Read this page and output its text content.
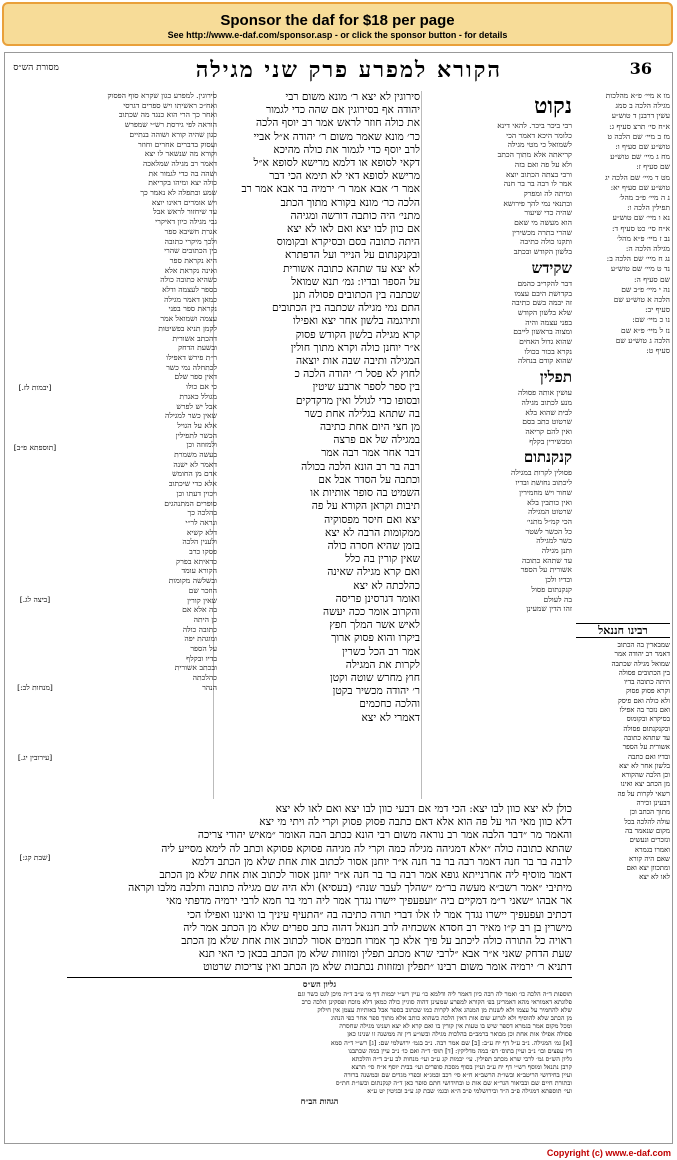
Sponsor the daf for $18 per page
See http://www.e-daf.com/sponsor.asp - or click the sponsor button - for details
36
הקורא למפרע פרק שני מגילה
מסורת הש״ס
מו א מיי׳ פ״א מהלכות
מגילה הלכה ב סמג
עשין דרבנן ד טוש״ע
א״ח סי׳ תרצ סעיף ג:
מז ב מיי׳ שם הלכה ט
טוש״ע שם סעיף ו:
מח ג מיי׳ שם טוש״ע
שם סעיף ז:
מט ד מיי׳ שם הלכה יג
טוש״ע שם סעיף יא:
נ ה מיי׳ פ״ב מהל׳
תפילין הלכה ו:
נא ו מיי׳ שם טוש״ע
א״ח סי׳ כט סעיף ד:
נב ז מיי׳ פ״א מהל׳
מגילה הלכה ה:
נג ח מיי׳ שם הלכה ב:
נד ט מיי׳ שם טוש״ע
שם סעיף ה:
נה י מיי׳ פ״ב שם
הלכה א טוש״ע שם
סעיף יב:
נו כ מיי׳ שם:
נז ל מיי׳ פ״א שם
הלכה ג טוש״ע שם
סעיף ט:
רבינו חננאל
שמבארין בה הכתוב
דאמר רב יהודה אמר
שמואל מגילה שכתבה
בין הכתובים פסולה
היתה כתובה בדיו
וקרא פסוק פסוק
ולא כולה ואם פיסק
ואם נזכר בה אפילו
בסיקרא ובקומוס
ובקנקנתום פסולה
עד שתהא כתובה
אשורית על הספר
ובדיו ואם כתבה
בלשון אחר לא יצא
וכן הלכה שהקורא
מן הכתב יצא ואינו
רשאי לקרות על פה
דבעינן זכירה
מתוך הכתב וכן
עולה להלכה בכל
מקום שנאמר בה
ונזכרים ונעשים
ואמרו בגמרא
שאם היה קורא
ומתכוון יצא ואם
לאו לא יצא
נקוט
רבי ביכר ביכר. להאי דינא
כלומר היכא דאמר הכי
לשמואל כי מטי מגילה
קריאתה אלא מתוך הכתב
ולא על פה ואם בזה
ורבי בצתה הכתוב יוצא
אמר לו רבה בר בר חנה
ומיתה לה ומפרק
ובתנאי נמי להך פירושא
שהיה כדי שיעור
הוא מעשה מי שאם
שהרי בתרה מכשירין
ותקנו כולה כתיבה
בלשון הקודש ובכתב
שקידש
דבר להקריב כהמם
בקדושת היבם עצמו
זה יבמה בשם כתיבה
שלא בלשון הקודש
בפני עצמה והיה
ומצוה בראשון לייבם
שהוא גדול האחים
נקרא בכור בכולו
שהוא קודם בנחלה
תפלין
עושין אותה פסולה
מנע לכתוב מגילה
לבית שהוא בלא
שרטוט כתב בסם
ואין להם קריאה
ומכשירין בקלף
קנקנתום
פסולין לקרות במגילה
ליכתוב נחושת ובדיו
שחור ויש מחמירין
ואין כותבין בלא
שרטוט המגילה
הכי קמ״ל מתני׳
כל הכשר לשטר
כשר למגילה
ותנן מגילה
עד שתהא כתובה
אשורית על הספר
ובדיו ולכן
קנקנתום פסול
בה לעולם
זהו הדין שמעינן
סירוגין לא יצא ר׳ מונא משום רבי
יהודה אף בסירוגין אם שהה כדי לגמור
את כולה חוזר לראש אמר רב יוסף הלכה
כר׳ מונא שאמר משום ר׳ יהודה א״ל אביי
לרב יוסף כדי לגמור את כולה מהיכא
דקאי לסופא או דלמא מרישא לסופא א״ל
מרישא לסופא דאי לא תימא הכי דבר
אמר ר׳ אבא אמר ר׳ ירמיה בר אבא אמר רב
הלכה כר׳ מונא בקורא מתוך הכתב
מתני׳ היה כותבה דורשה ומגיהה
אם כוון לבו יצא ואם לאו לא יצא
היתה כתובה בסם ובסיקרא ובקומוס
ובקנקנתום על הנייר ועל הדפתרא
לא יצא עד שתהא כתובה אשורית
על הספר ובדיו ׃ גמ׳ תנא שמואל
שכתבה בין הכתובים פסולה תנן
התם נמי מגילה שכתבה בין הכתובים
ותירגמה בלשון אחר יצא ואפילו
קרא מגילה בלשון הקודש פסוק
א״ר יוחנן כולה וקרא מתוך חולין
המגילה ותיבה שבה אות יוצאה
לחוץ לא פסל ר׳ יהודה הלכה כ
בין ספר לספר ארבע שיטין
ובסופו כדי לגולל ואין מדקדקים
בה שתהא בגלילה אחת כשר
מן חצי היום אחת כתיבה
במגילה של אם פרצה
דבר אחר אמר רבה אמר
רבה בר רב הונא הלכה בכולה
וכתבה על הסדר אבל אם
השמיט בה סופר אותיות או
תיבות וקראן הקורא על פה
יצא ואם חיסר מפסוקיה
ממקומות הרבה לא יצא
בזמן שהיא חסרה כולה
שאין קורין בה כלל
ואם קרא מגילה שאינה
כהלכתה לא יצא
ואומר דגרסינן פריסה
והקרוב אומר ככה יעשה
לאיש אשר המלך חפץ
ביקרו והוא פסוק ארוך
אמר רב הכל כשרין
לקרות את המגילה
חוץ מחרש שוטה וקטן
ר׳ יהודה מכשיר בקטן
והלכה כחכמים
דאמרי לא יצא
סירוגין. למפרע כגון שקרא סוף הפסוק
ואח״כ ראשיתו ויש ספרים דגרסי
ואחר כך הרי הוא כנגד מה שכתוב
הוראה לפי גירסת רש״י שמפרש
כגון שהיה קורא ושוהה בנתיים
ועסוק בדברים אחרים וחוזר
וקורא מה שנשאר לו יצא
דאמר רב מגילה שמלאכה
ושהה בה כדי לגמור את
כולה יצא ומיהו בקריאת
שמע ובתפלה לא נאמר כך
ויש אומרים דאינו יוצא
עד שיחזור לראש אבל
גבי מגילה כיון דאיקרי
אגרת חשיבא ספר
ולכך מיקרי כתובה
בין הכתובים שהרי
היא נקראת ספר
ואינה נקראת אלא
כשהיא כתובה כולה
בספר לעצמה ודלא
כמאן דאמר מגילה
נקראת ספר בפני
עצמה ושמואל אמר
לקמן תניא בפשיטות
דהכתב אשורית
ובשעת הדחק
ר״ת פירש דאפילו
לכתחלה נמי כשר
דאין ספר שלם
כי אם כולו
מגולל כאגרת
אבל יש לפרש
שאין כשר למגילה
אלא על הגויל
הכשר לתפילין
ולמזוזה וכן
בעשה משמרת
דאמר לא ישנה
אדם מן החומש
אלא כדי שיכתוב
ויכוין דעתו וכן
סופרים המתנהגים
בהלכה כך
ונראה לר״י
דלא קשיא
ולענין הלכה
פסקו כרב
כדאיתא בפרק
הקורא עומד
ובשלשה מקומות
הוזכר שם
שאין קורין
בה אלא אם
כן היתה
כתובה כולה
ומוגהת יפה
על הספר
בדיו ובקלף
ובכתב אשורית
כהלכתה
הנהר
[יבמות לז.]
[תוספתא פ״ב]
[ביצה לג.]
[מנחות לב:]
[עירובין יג.]
[שבת קג:]
כולן לא יצא כוון לבו יצא: הכי דמי אם דבעי כוון לבו יצא ואם לאו לא יצא
דלא כוון מאי הוי על פה הוא אלא דאם כתבה פסוק פסוק וקרי לה ויתי מי יצא
והאמר מר ״דבר הלבה אמר רב נוראה משום רבי הונא ככתב הבה האומר ״מאיש יהודי צריכה
שהתא כתובה כולה ״אלא דמגיהה מגילה כמה וקרי לה מגיהה פסוקא פסוקא וכתב לה לימא מסייע ליה
לרבה בר בר חנה דאמר רבה בר בר חנה א״ר יוחנן אסור לכתוב אות אחת שלא מן הכתב דלמא
דאמר מוסיף ליה אחרנייתא גופא אמר רבה בר בר חנה א״ר יוחנן אסור לכתוב אות אחת שלא מן הכתב
מיתיבי ״אמר רשב״א מעשה בר״מ ״שהלך לעבר שנה״ (בעסיא) ולא היה שם מגילה כתובה ותלבה מלבו וקראה
אר אבהו ״שאני ר״מ דמקיים ביה ״ועפעפיך יישרו נגדך אמר ליה רמי בר חמא לרבי ירמיה מדפתי מאי
דכתיב ועפעפיך יישרו נגדך אמר לו אלו דברי תורה כתיבה בה ״התעיף עיניך בו ואיננו ואפילו הכי
מישרין בן רב ק״ו מאיר רב חסדא אשכחיה לרב חננאל דהוה כתב ספרים שלא מן הכתב אמר ליה
ראויה כל התורה כולה ליכתב על פיך אלא כך אמרו חכמים אסור לכתוב אות אחת שלא מן הכתב
שעת הדחק שאני א״ר אבא ״לרבי שרא מכתב תפלין ומזוזות שלא מן הכתב בכאן כי האי תנא
דתניא ר׳ ירמיה אומר משום רבינו ״תפלין ומזוזות נכתבות שלא מן הכתב ואין צריכות שרטוט
גליון הש״ס
תוספות ד״ה הלכה כו׳ ואמר לה רבה כיון דאמר ליה ודלמא כו׳ עיין רש״י יבמות דף מ׳ ע״ב ד״ה מיכן לגט כשר וגם
פלוגתא דאמוראי מהא דאמרינן בפ׳ הקורא למפרע שמעינן דהוה סוגיין כולה כמאן דלא מוכח ופסקינן הלכה כרב
שלא להחמיר על עצמו ולא לשנות מן המנהג אלא לקרות כמו שכתוב בספר אבל באותיות עצמן אין חילוק
מן הכתב שלא להוסיף ולא לגרוע שום אות דאין הלכה כשהוא כותב אלא מתוך ספר אחר כפי הנהוג
ומכל מקום אמר בגמרא דספר שיש בו טעות אין קורין בו ואם קרא לא יצא ושנינו מגילה שחסרה
פסולה אפילו אות אחת וכן מבואר ברמב״ם בהלכות מגילה ובשו״ע דין זה ממשנה זו שנינו כאן
[א] גמ׳ המגילה. נ״ב ע״ל דף יח ע״ב: [ב] שם אמר רבה. נ״ב בגמ׳ ירושלמי שם: [ג] רש״י ד״ה סמא
דיו עפצים ובו׳ נ״ב ועיין בתוס׳ דפ׳ במה מדליקין: [ד] תוס׳ ד״ה ואם כו׳ נ״ב עיין במה שכתבנו
גליון הש״ס גמ׳ לרבי שרא מכתב תפילין. עי׳ יבמות קג ע״ב ועי׳ מנחות לב ע״ב ד״ה והלכתא
קרבן נתנאל ומוסף רש״י דף יח ע״ב ועיין בסוף מסכת סופרים ועי׳ בבית יוסף א״ח סי׳ תרצא
ועיין בחידושי הריטב״א ובשו״ת הרשב״א ח״א סי׳ רכב ובמג״א ובפרי מגדים שם ובמשנה ברורה
ובתורת חיים שם ובביאור הגר״א שם אות ט ובחידושי חתם סופר כאן ד״ה קנקנתום ובשו״ת חת״ס
ועי׳ תוספתא דמגילה פ״ב ה״ד ובירושלמי פ״ב ה״א ובגמ׳ שבת קג ע״ב ובגיטין יט ע״א
הגהות הב״ח
Copyright (c) www.e-daf.com
